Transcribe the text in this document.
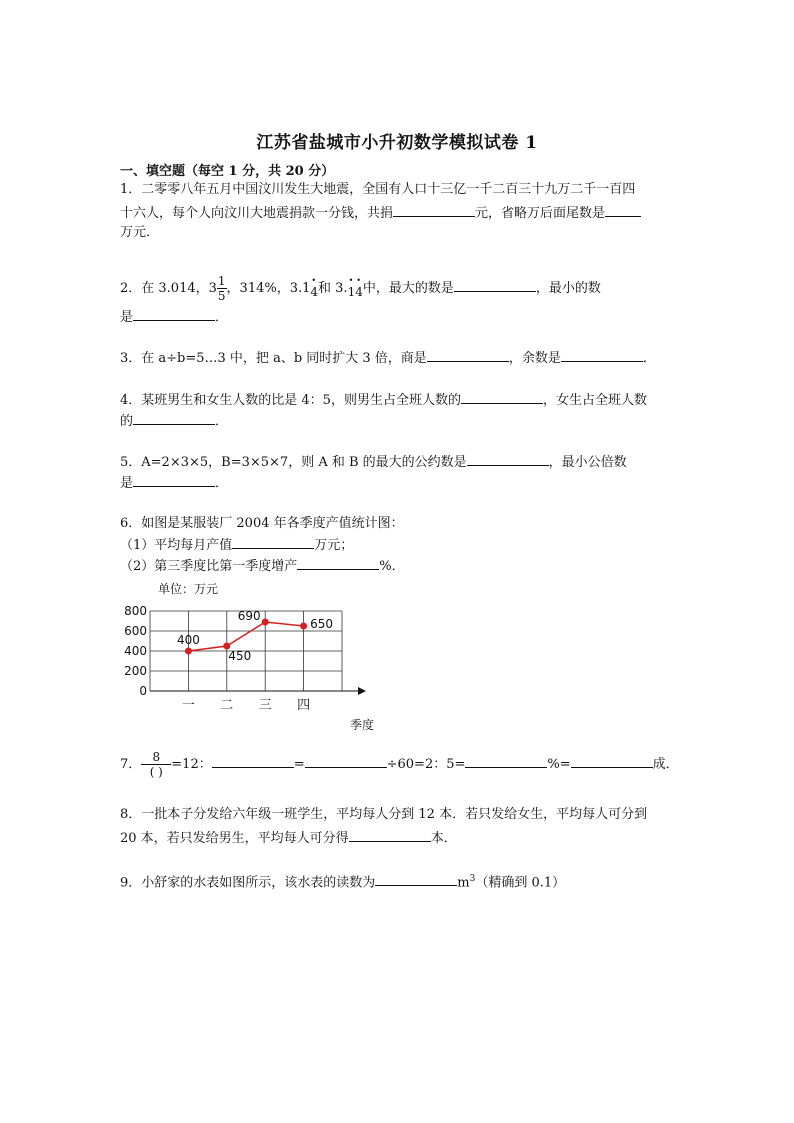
江苏省盐城市小升初数学模拟试卷 1
一、填空题（每空 1 分，共 20 分）
1．二零零八年五月中国汶川发生大地震，全国有人口十三亿一千二百三十九万二千一百四
十六人，每个人向汶川大地震捐款一分钱，共捐	元，省略万后面尾数是
万元．
2．在 3.014，$3 \frac{1}{5}$ ，314%，3.1• 4和 3.• 1• 4中，最大的数是	，最小的数
是	．
3．在 a÷b=5…3 中，把 a、b 同时扩大 3 倍，商是	，余数是	．
4．某班男生和女生人数的比是 4：5，则男生占全班人数的	，女生占全班人数
的	．
5．A=2×3×5，B=3×5×7，则 A 和 B 的最大的公约数是	，最小公倍数
是	．
6．如图是某服装厂 2004 年各季度产值统计图：
（1）平均每月产值	万元；
（2）第三季度比第一季度增产	%．
单位：万元
800
600
400
200
0
一 二 三 四
季度
400
450
690
650
7． $\frac{8}{( )} =12$：	=	÷60=2：5=	%=	成．
8．一批本子分发给六年级一班学生，平均每人分到 12 本．若只发给女生，平均每人可分到
20 本，若只发给男生，平均每人可分得	本．
9．小舒家的水表如图所示，该水表的读数为	$m^3$（精确到 0.1）
